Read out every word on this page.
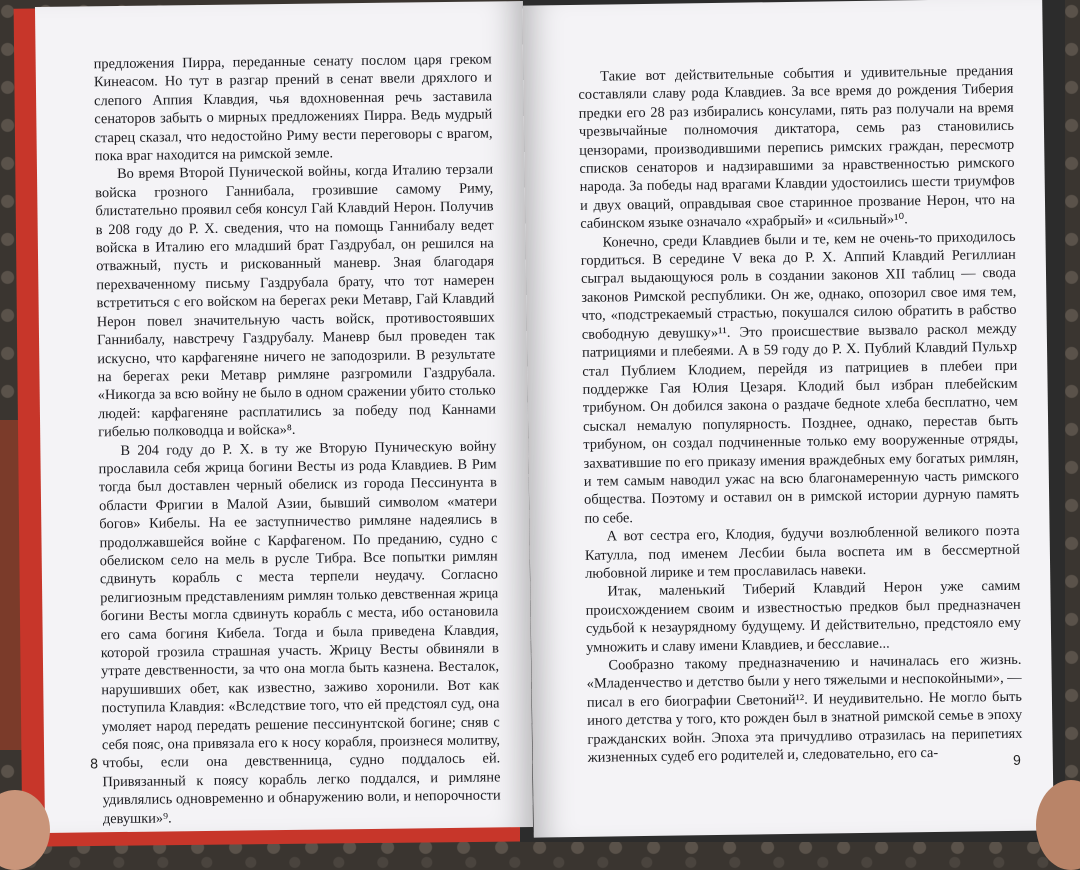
предложения Пирра, переданные сенату послом царя греком Кинеасом. Но тут в разгар прений в сенат ввели дряхлого и слепого Аппия Клавдия, чья вдохновенная речь заставила сенаторов забыть о мирных предложениях Пирра. Ведь мудрый старец сказал, что недостойно Риму вести переговоры с врагом, пока враг находится на римской земле.

Во время Второй Пунической войны, когда Италию терзали войска грозного Ганнибала, грозившие самому Риму, блистательно проявил себя консул Гай Клавдий Нерон. Получив в 208 году до Р. Х. сведения, что на помощь Ганнибалу ведет войска в Италию его младший брат Газдрубал, он решился на отважный, пусть и рискованный маневр. Зная благодаря перехваченному письму Газдрубала брату, что тот намерен встретиться с его войском на берегах реки Метавр, Гай Клавдий Нерон повел значительную часть войск, противостоявших Ганнибалу, навстречу Газдрубалу. Маневр был проведен так искусно, что карфагеняне ничего не заподозрили. В результате на берегах реки Метавр римляне разгромили Газдрубала. «Никогда за всю войну не было в одном сражении убито столько людей: карфагеняне расплатились за победу под Каннами гибелью полководца и войска»⁸.

В 204 году до Р. Х. в ту же Вторую Пуническую войну прославила себя жрица богини Весты из рода Клавдиев. В Рим тогда был доставлен черный обелиск из города Пессинунта в области Фригии в Малой Азии, бывший символом «матери богов» Кибелы. На ее заступничество римляне надеялись в продолжавшейся войне с Карфагеном. По преданию, судно с обелиском село на мель в русле Тибра. Все попытки римлян сдвинуть корабль с места терпели неудачу. Согласно религиозным представлениям римлян только девственная жрица богини Весты могла сдвинуть корабль с места, ибо остановила его сама богиня Кибела. Тогда и была приведена Клавдия, которой грозила страшная участь. Жрицу Весты обвиняли в утрате девственности, за что она могла быть казнена. Весталок, нарушивших обет, как известно, заживо хоронили. Вот как поступила Клавдия: «Вследствие того, что ей предстоял суд, она умоляет народ передать решение пессинунтской богине; сняв с себя пояс, она привязала его к носу корабля, произнеся молитву, чтобы, если она девственница, судно поддалось ей. Привязанный к поясу корабль легко поддался, и римляне удивлялись одновременно и обнаружению воли, и непорочности девушки»⁹.

8

Такие вот действительные события и удивительные предания составляли славу рода Клавдиев. За все время до рождения Тиберия предки его 28 раз избирались консулами, пять раз получали на время чрезвычайные полномочия диктатора, семь раз становились цензорами, производившими перепись римских граждан, пересмотр списков сенаторов и надзиравшими за нравственностью римского народа. За победы над врагами Клавдии удостоились шести триумфов и двух оваций, оправдывая свое старинное прозвание Нерон, что на сабинском языке означало «храбрый» и «сильный»¹⁰.

Конечно, среди Клавдиев были и те, кем не очень-то приходилось гордиться. В середине V века до Р. Х. Аппий Клавдий Региллиан сыграл выдающуюся роль в создании законов XII таблиц — свода законов Римской республики. Он же, однако, опозорил свое имя тем, что, «подстрекаемый страстью, покушался силою обратить в рабство свободную девушку»¹¹. Это происшествие вызвало раскол между патрициями и плебеями. А в 59 году до Р. Х. Публий Клавдий Пульхр стал Публием Клодием, перейдя из патрициев в плебеи при поддержке Гая Юлия Цезаря. Клодий был избран плебейским трибуном. Он добился закона о раздаче беднote хлеба бесплатно, чем сыскал немалую популярность. Позднее, однако, перестав быть трибуном, он создал подчиненные только ему вооруженные отряды, захватившие по его приказу имения враждебных ему богатых римлян, и тем самым наводил ужас на всю благонамеренную часть римского общества. Поэтому и оставил он в римской истории дурную память по себе.

А вот сестра его, Клодия, будучи возлюбленной великого поэта Катулла, под именем Лесбии была воспета им в бессмертной любовной лирике и тем прославилась навеки.

Итак, маленький Тиберий Клавдий Нерон уже самим происхождением своим и известностью предков был предназначен судьбой к незаурядному будущему. И действительно, предстояло ему умножить и славу имени Клавдиев, и бесславие...

Сообразно такому предназначению и начиналась его жизнь. «Младенчество и детство были у него тяжелыми и неспокойными», — писал в его биографии Светоний¹². И неудивительно. Не могло быть иного детства у того, кто рожден был в знатной римской семье в эпоху гражданских войн. Эпоха эта причудливо отразилась на перипетиях жизненных судеб его родителей и, следовательно, его са-	9
